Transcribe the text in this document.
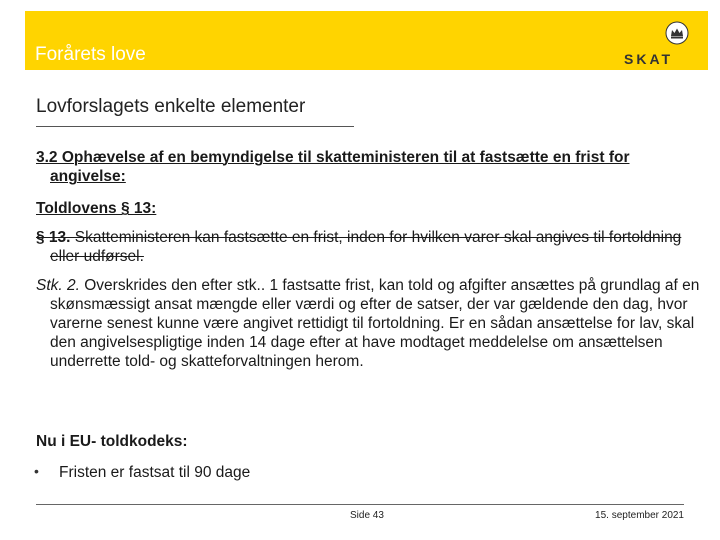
Forårets love	SKAT
Lovforslagets enkelte elementer
3.2 Ophævelse af en bemyndigelse til skatteministeren til at fastsætte en frist for angivelse:
Toldlovens § 13:
§ 13. Skatteministeren kan fastsætte en frist, inden for hvilken varer skal angives til fortoldning eller udførsel.
Stk. 2. Overskrides den efter stk.. 1 fastsatte frist, kan told og afgifter ansættes på grundlag af en skønsmæssigt ansat mængde eller værdi og efter de satser, der var gældende den dag, hvor varerne senest kunne være angivet rettidigt til fortoldning. Er en sådan ansættelse for lav, skal den angivelsespligtige inden 14 dage efter at have modtaget meddelelse om ansættelsen underrette told- og skatteforvaltningen herom.
Nu i EU- toldkodeks:
• Fristen er fastsat til 90 dage
Side 43	15. september 2021
